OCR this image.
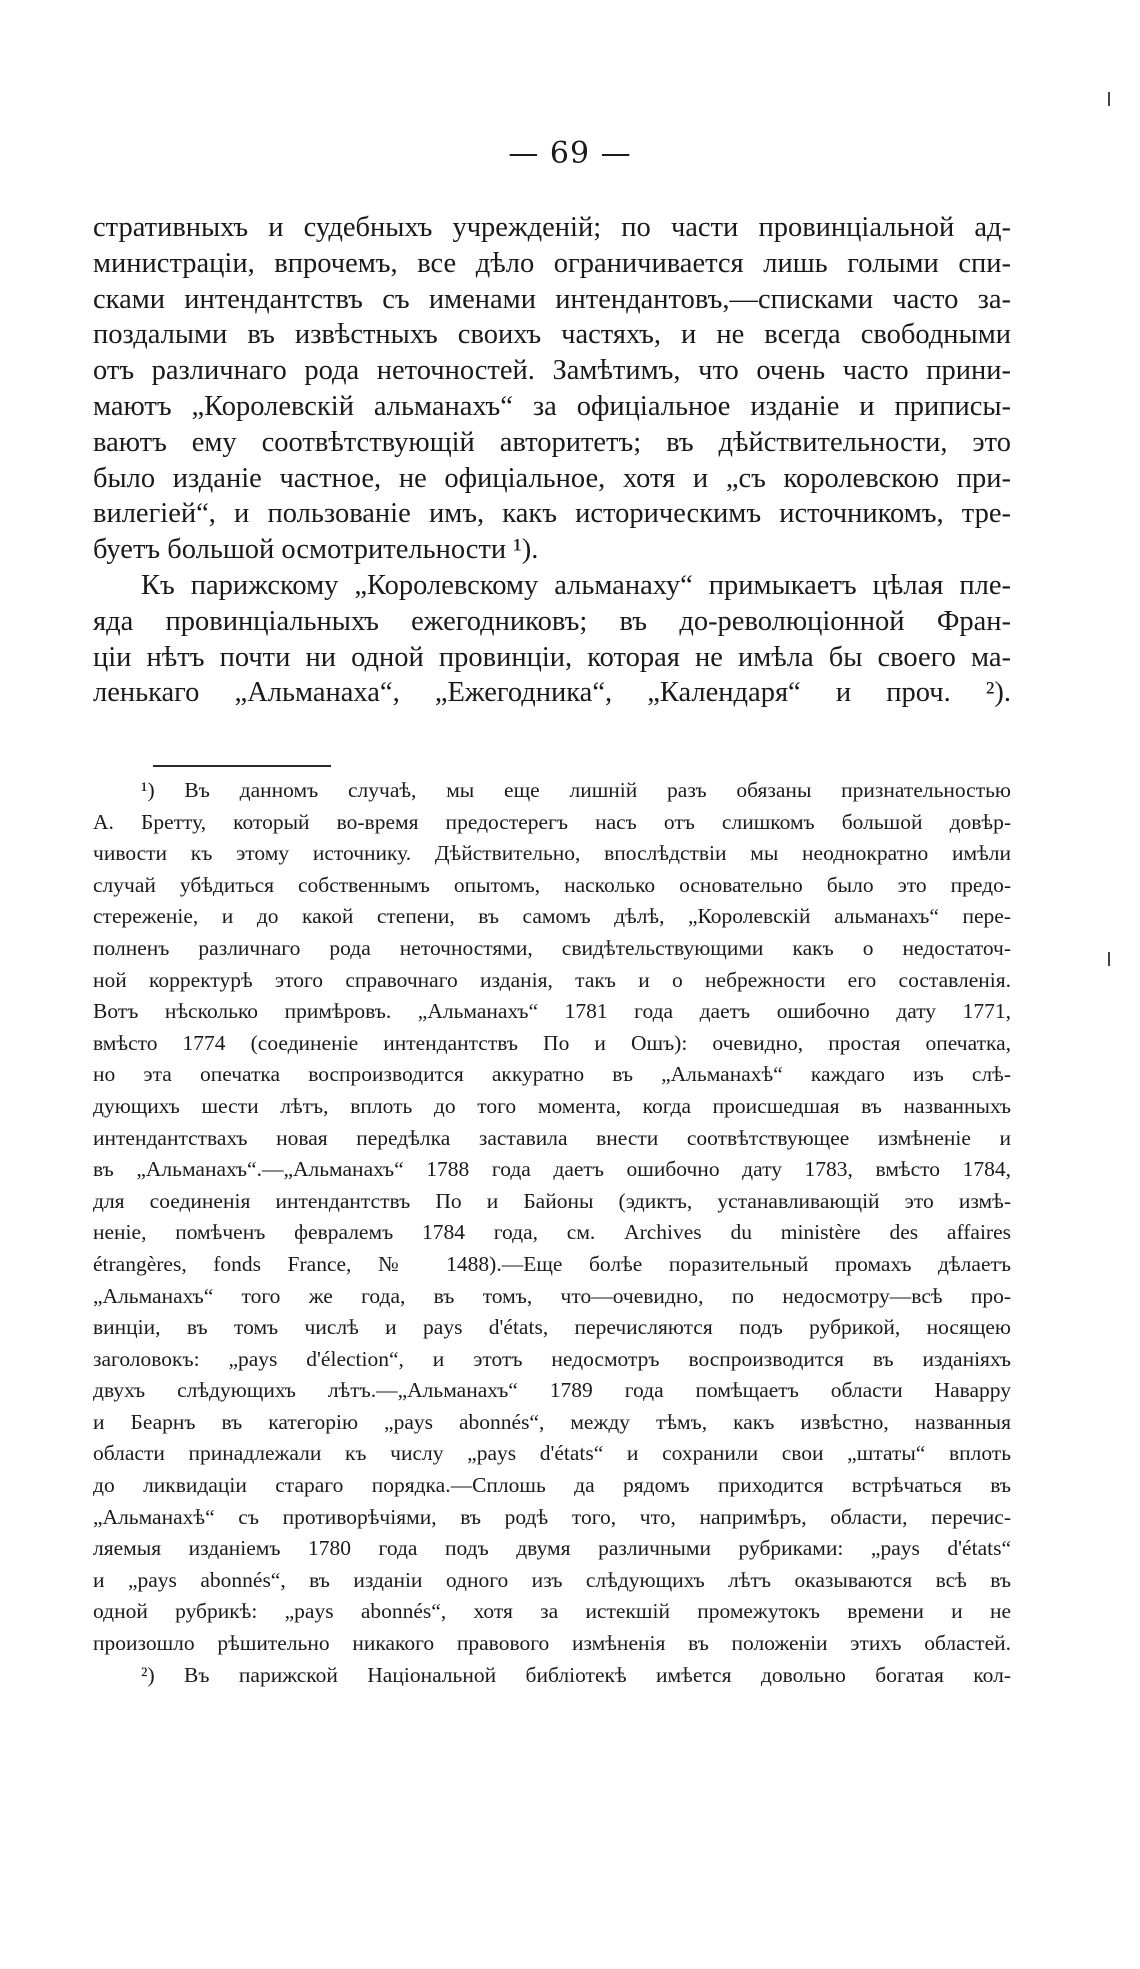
— 69 —
стративныхъ и судебныхъ учрежденій; по части провинціальной ад-
министраціи, впрочемъ, все дѣло ограничивается лишь голыми спи-
сками интендантствъ съ именами интендантовъ,—списками часто за-
поздалыми въ извѣстныхъ своихъ частяхъ, и не всегда свободными
отъ различнаго рода неточностей. Замѣтимъ, что очень часто прини-
маютъ „Королевскій альманахъ“ за офиціальное изданіе и приписы-
ваютъ ему соотвѣтствующій авторитетъ; въ дѣйствительности, это
было изданіе частное, не офиціальное, хотя и „съ королевскою при-
вилегіей“, и пользованіе имъ, какъ историческимъ источникомъ, тре-
буетъ большой осмотрительности ¹).
Къ парижскому „Королевскому альманаху“ примыкаетъ цѣлая пле-
яда провинціальныхъ ежегодниковъ; въ до-революціонной Фран-
ціи нѣтъ почти ни одной провинціи, которая не имѣла бы своего ма-
ленькаго „Альманаха“, „Ежегодника“, „Календаря“ и проч. ²).
¹) Въ данномъ случаѣ, мы еще лишній разъ обязаны признательностью
А. Бретту, который во-время предостерегъ насъ отъ слишкомъ большой довѣр-
чивости къ этому источнику. Дѣйствительно, впослѣдствіи мы неоднократно имѣли
случай убѣдиться собственнымъ опытомъ, насколько основательно было это предо-
стереженіе, и до какой степени, въ самомъ дѣлѣ, „Королевскій альманахъ“ пере-
полненъ различнаго рода неточностями, свидѣтельствующими какъ о недостаточ-
ной корректурѣ этого справочнаго изданія, такъ и о небрежности его составленія.
Вотъ нѣсколько примѣровъ. „Альманахъ“ 1781 года даетъ ошибочно дату 1771,
вмѣсто 1774 (соединеніе интендантствъ По и Ошъ): очевидно, простая опечатка,
но эта опечатка воспроизводится аккуратно въ „Альманахѣ“ каждаго изъ слѣ-
дующихъ шести лѣтъ, вплоть до того момента, когда происшедшая въ названныхъ
интендантствахъ новая передѣлка заставила внести соотвѣтствующее измѣненіе и
въ „Альманахъ“.—„Альманахъ“ 1788 года даетъ ошибочно дату 1783, вмѣсто 1784,
для соединенія интендантствъ По и Байоны (эдиктъ, устанавливающій это измѣ-
неніе, помѣченъ февралемъ 1784 года, см. Archives du ministère des affaires
étrangères, fonds France, № 1488).—Еще болѣе поразительный промахъ дѣлаетъ
„Альманахъ“ того же года, въ томъ, что—очевидно, по недосмотру—всѣ про-
винціи, въ томъ числѣ и pays d'états, перечисляются подъ рубрикой, носящею
заголовокъ: „pays d'élection“, и этотъ недосмотръ воспроизводится въ изданіяхъ
двухъ слѣдующихъ лѣтъ.—„Альманахъ“ 1789 года помѣщаетъ области Наварру
и Беарнъ въ категорію „pays abonnés“, между тѣмъ, какъ извѣстно, названныя
области принадлежали къ числу „pays d'états“ и сохранили свои „штаты“ вплоть
до ликвидаціи стараго порядка.—Сплошь да рядомъ приходится встрѣчаться въ
„Альманахѣ“ съ противорѣчіями, въ родѣ того, что, напримѣръ, области, перечис-
ляемыя изданіемъ 1780 года подъ двумя различными рубриками: „pays d'états“
и „pays abonnés“, въ изданіи одного изъ слѣдующихъ лѣтъ оказываются всѣ въ
одной рубрикѣ: „pays abonnés“, хотя за истекшій промежутокъ времени и не
произошло рѣшительно никакого правового измѣненія въ положеніи этихъ областей.
²) Въ парижской Національной библіотекѣ имѣется довольно богатая кол-
